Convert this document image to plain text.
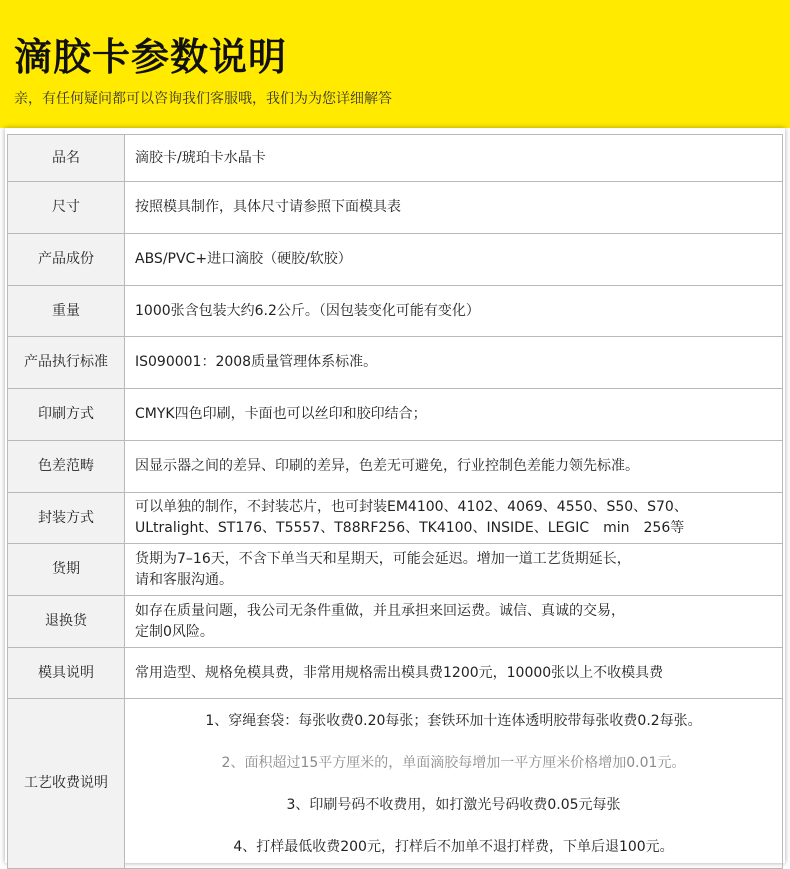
滴胶卡参数说明
亲，有任何疑问都可以咨询我们客服哦，我们为为您详细解答
品名	滴胶卡/琥珀卡水晶卡
尺寸	按照模具制作，具体尺寸请参照下面模具表
产品成份	ABS/PVC+进口滴胶（硬胶/软胶）
重量	1000张含包装大约6.2公斤。（因包装变化可能有变化）
产品执行标准	IS090001：2008质量管理体系标准。
印刷方式	CMYK四色印刷，卡面也可以丝印和胶印结合；
色差范畴	因显示器之间的差异、印刷的差异，色差无可避免，行业控制色差能力领先标准。
封装方式	可以单独的制作，不封装芯片，也可封装EM4100、4102、4069、4550、S50、S70、
ULtralight、ST176、T5557、T88RF256、TK4100、INSIDE、LEGIC　min　256等

货期	货期为7–16天，不含下单当天和星期天，可能会延迟。增加一道工艺货期延长，
请和客服沟通。

退换货	如存在质量问题，我公司无条件重做，并且承担来回运费。诚信、真诚的交易，
定制0风险。

模具说明	常用造型、规格免模具费，非常用规格需出模具费1200元，10000张以上不收模具费
工艺收费说明	1、穿绳套袋：每张收费0.20每张；套铁环加十连体透明胶带每张收费0.2每张。
2、面积超过15平方厘米的，单面滴胶每增加一平方厘米价格增加0.01元。
3、印刷号码不收费用，如打激光号码收费0.05元每张
4、打样最低收费200元，打样后不加单不退打样费，下单后退100元。
